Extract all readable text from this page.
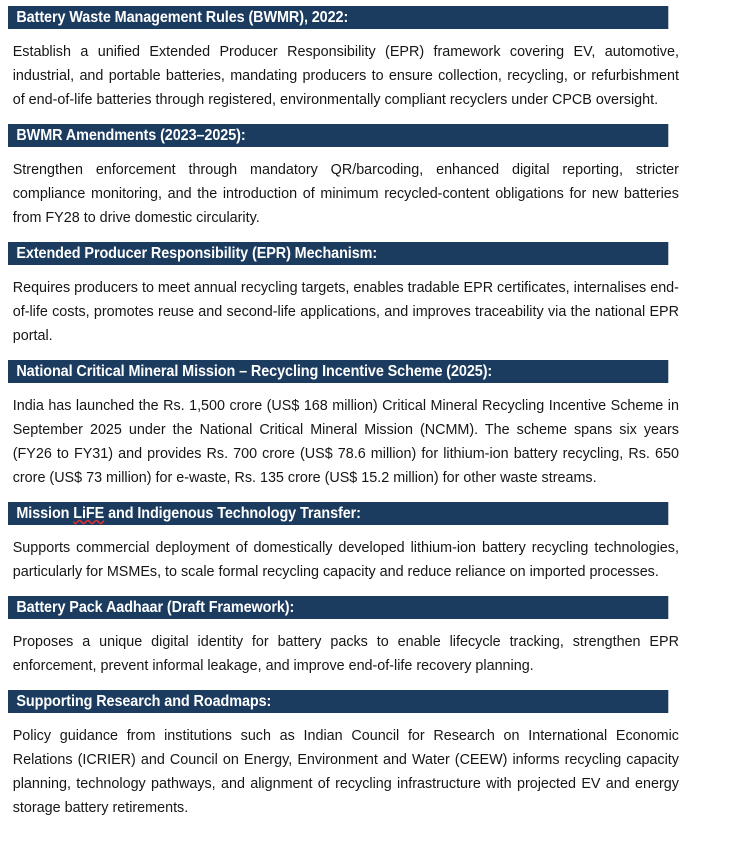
Battery Waste Management Rules (BWMR), 2022:

Establish a unified Extended Producer Responsibility (EPR) framework covering EV, automotive, industrial, and portable batteries, mandating producers to ensure collection, recycling, or refurbishment of end-of-life batteries through registered, environmentally compliant recyclers under CPCB oversight.

BWMR Amendments (2023–2025):

Strengthen enforcement through mandatory QR/barcoding, enhanced digital reporting, stricter compliance monitoring, and the introduction of minimum recycled-content obligations for new batteries from FY28 to drive domestic circularity.

Extended Producer Responsibility (EPR) Mechanism:

Requires producers to meet annual recycling targets, enables tradable EPR certificates, internalises end-of-life costs, promotes reuse and second-life applications, and improves traceability via the national EPR portal.

National Critical Mineral Mission – Recycling Incentive Scheme (2025):

India has launched the Rs. 1,500 crore (US$ 168 million) Critical Mineral Recycling Incentive Scheme in September 2025 under the National Critical Mineral Mission (NCMM). The scheme spans six years (FY26 to FY31) and provides Rs. 700 crore (US$ 78.6 million) for lithium-ion battery recycling, Rs. 650 crore (US$ 73 million) for e-waste, Rs. 135 crore (US$ 15.2 million) for other waste streams.

Mission LiFE and Indigenous Technology Transfer:

Supports commercial deployment of domestically developed lithium-ion battery recycling technologies, particularly for MSMEs, to scale formal recycling capacity and reduce reliance on imported processes.

Battery Pack Aadhaar (Draft Framework):

Proposes a unique digital identity for battery packs to enable lifecycle tracking, strengthen EPR enforcement, prevent informal leakage, and improve end-of-life recovery planning.

Supporting Research and Roadmaps:

Policy guidance from institutions such as Indian Council for Research on International Economic Relations (ICRIER) and Council on Energy, Environment and Water (CEEW) informs recycling capacity planning, technology pathways, and alignment of recycling infrastructure with projected EV and energy storage battery retirements.
